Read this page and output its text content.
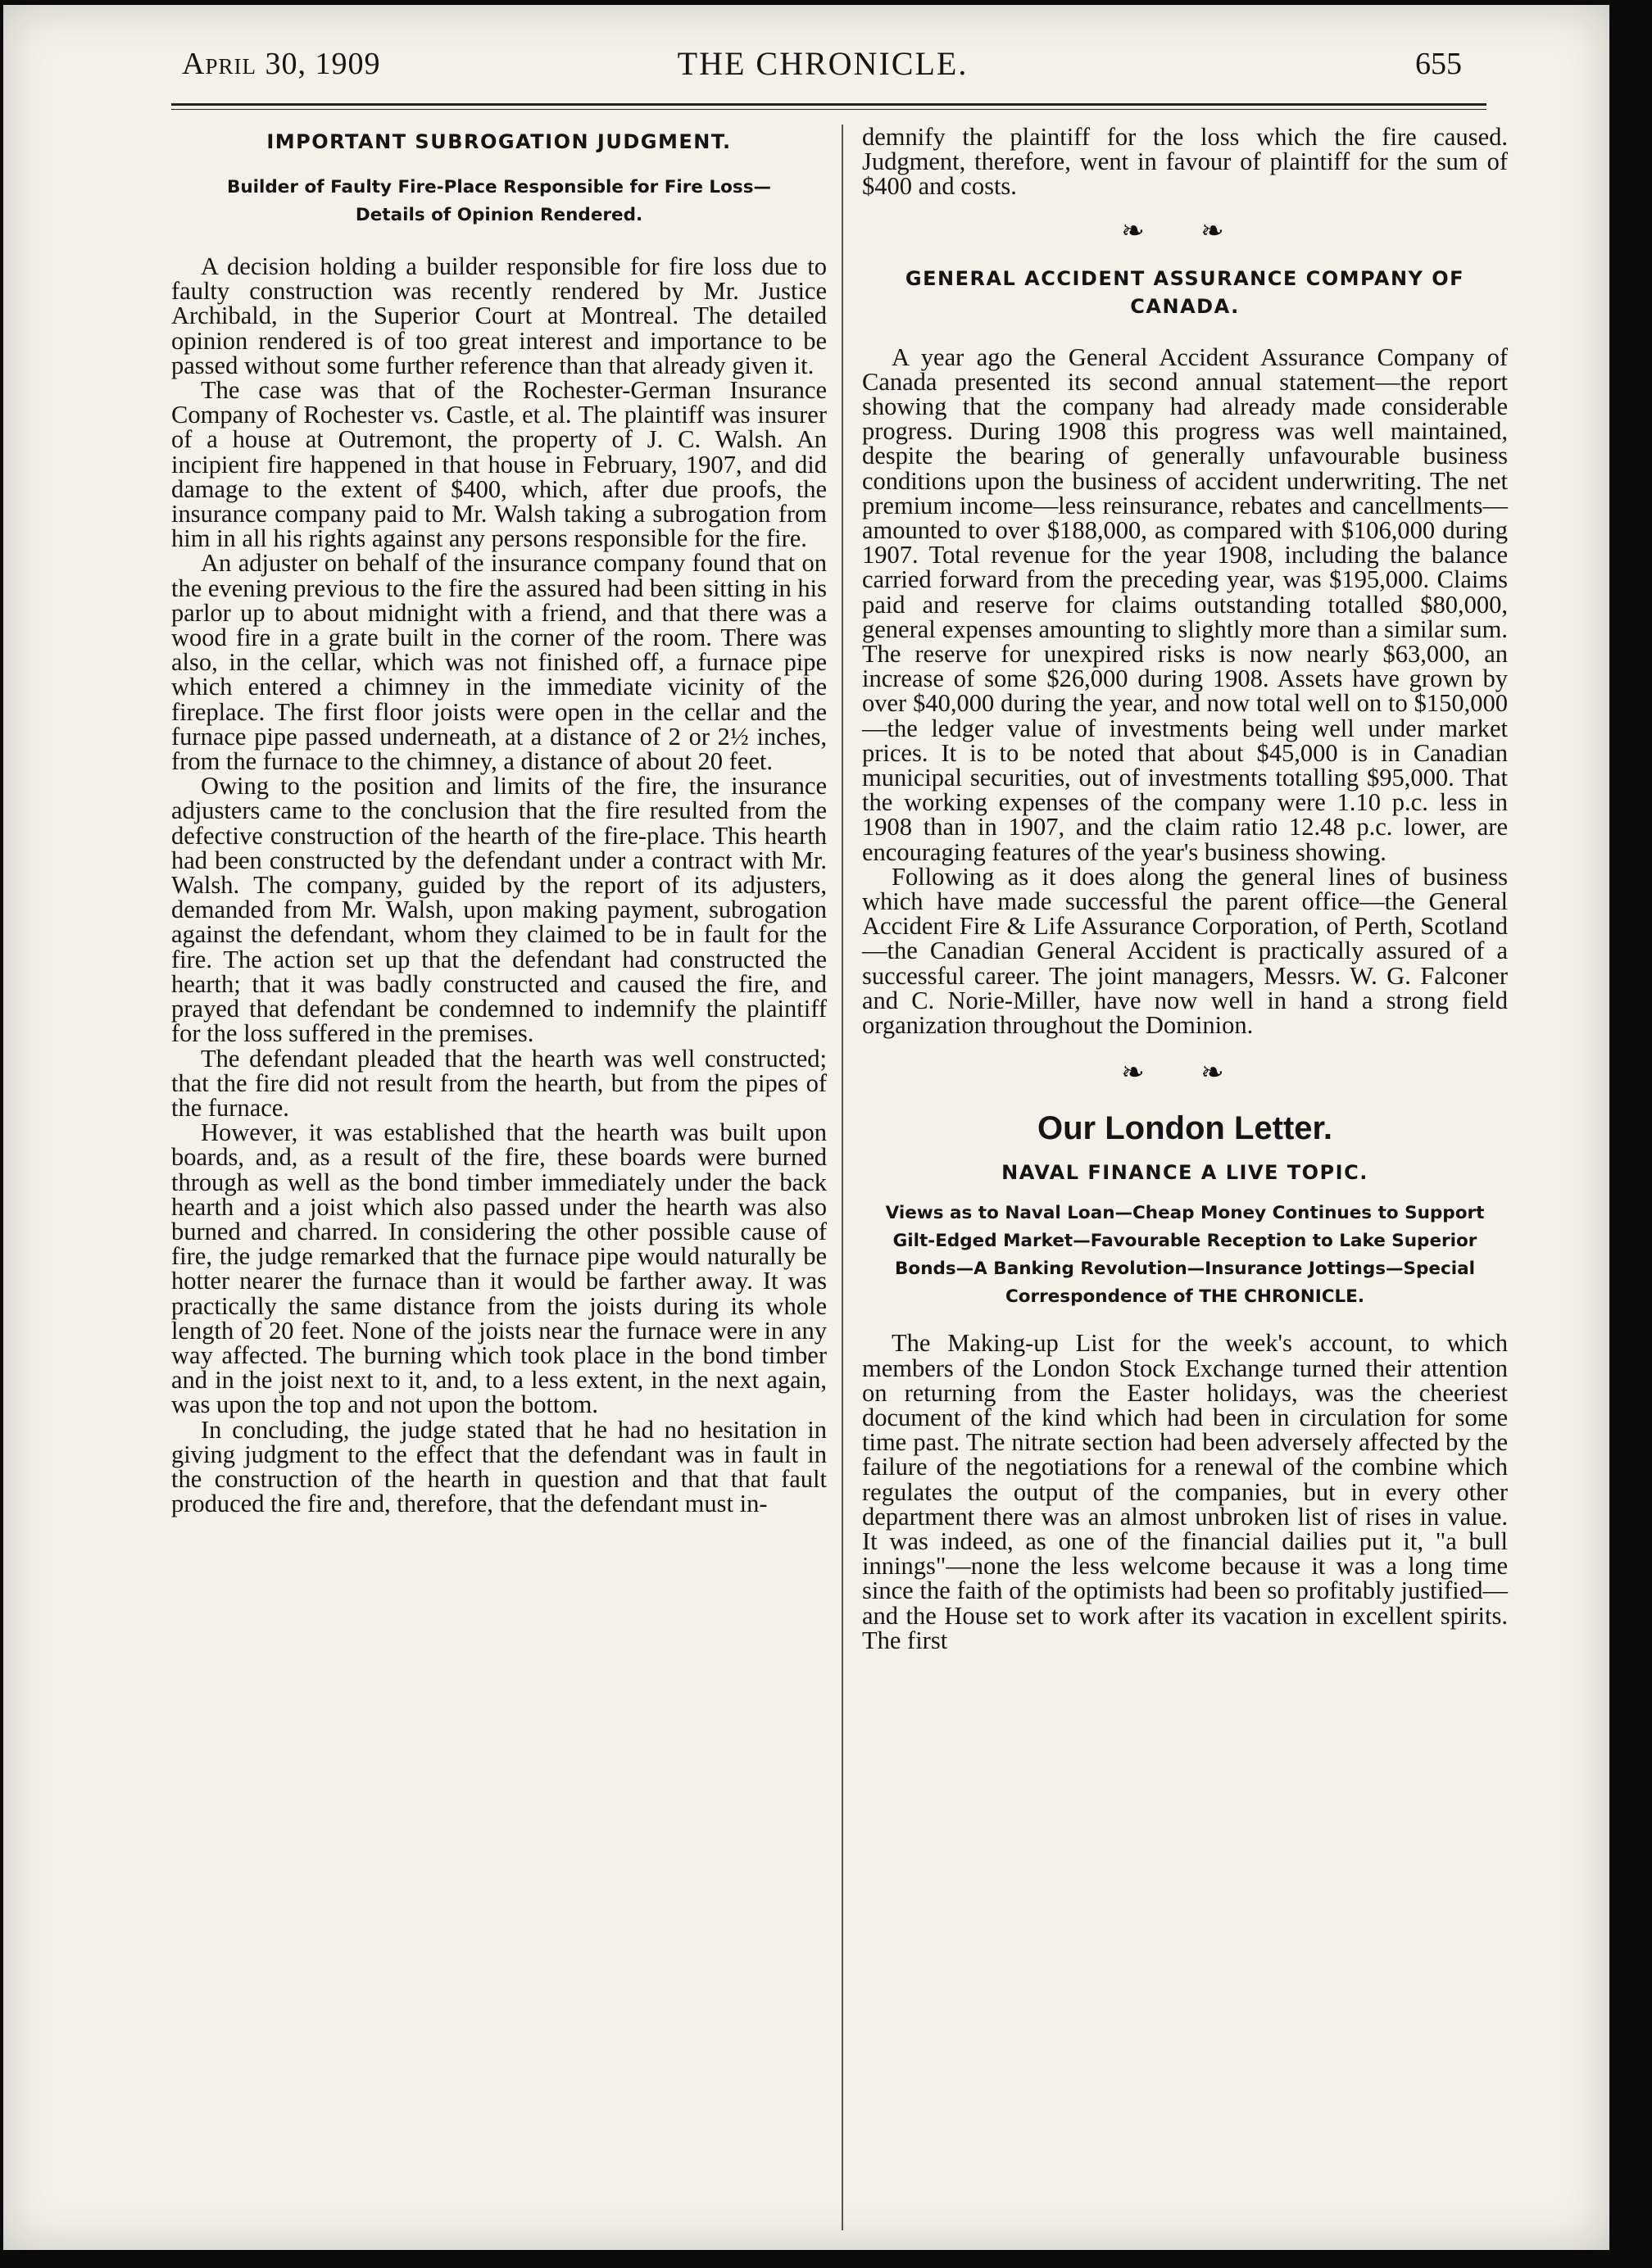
April 30, 1909	THE CHRONICLE.	655
IMPORTANT SUBROGATION JUDGMENT.
Builder of Faulty Fire-Place Responsible for Fire Loss—Details of Opinion Rendered.

A decision holding a builder responsible for fire loss due to faulty construction was recently rendered by Mr. Justice Archibald, in the Superior Court at Montreal. The detailed opinion rendered is of too great interest and importance to be passed without some further reference than that already given it.

The case was that of the Rochester-German Insurance Company of Rochester vs. Castle, et al. The plaintiff was insurer of a house at Outremont, the property of J. C. Walsh. An incipient fire happened in that house in February, 1907, and did damage to the extent of $400, which, after due proofs, the insurance company paid to Mr. Walsh taking a subrogation from him in all his rights against any persons responsible for the fire.

An adjuster on behalf of the insurance company found that on the evening previous to the fire the assured had been sitting in his parlor up to about midnight with a friend, and that there was a wood fire in a grate built in the corner of the room. There was also, in the cellar, which was not finished off, a furnace pipe which entered a chimney in the immediate vicinity of the fireplace. The first floor joists were open in the cellar and the furnace pipe passed underneath, at a distance of 2 or 2½ inches, from the furnace to the chimney, a distance of about 20 feet.

Owing to the position and limits of the fire, the insurance adjusters came to the conclusion that the fire resulted from the defective construction of the hearth of the fire-place. This hearth had been constructed by the defendant under a contract with Mr. Walsh. The company, guided by the report of its adjusters, demanded from Mr. Walsh, upon making payment, subrogation against the defendant, whom they claimed to be in fault for the fire. The action set up that the defendant had constructed the hearth; that it was badly constructed and caused the fire, and prayed that defendant be condemned to indemnify the plaintiff for the loss suffered in the premises.

The defendant pleaded that the hearth was well constructed; that the fire did not result from the hearth, but from the pipes of the furnace.

However, it was established that the hearth was built upon boards, and, as a result of the fire, these boards were burned through as well as the bond timber immediately under the back hearth and a joist which also passed under the hearth was also burned and charred. In considering the other possible cause of fire, the judge remarked that the furnace pipe would naturally be hotter nearer the furnace than it would be farther away. It was practically the same distance from the joists during its whole length of 20 feet. None of the joists near the furnace were in any way affected. The burning which took place in the bond timber and in the joist next to it, and, to a less extent, in the next again, was upon the top and not upon the bottom.

In concluding, the judge stated that he had no hesitation in giving judgment to the effect that the defendant was in fault in the construction of the hearth in question and that that fault produced the fire and, therefore, that the defendant must in-

demnify the plaintiff for the loss which the fire caused. Judgment, therefore, went in favour of plaintiff for the sum of $400 and costs.

❧ ❧
GENERAL ACCIDENT ASSURANCE COMPANY OF CANADA.

A year ago the General Accident Assurance Company of Canada presented its second annual statement—the report showing that the company had already made considerable progress. During 1908 this progress was well maintained, despite the bearing of generally unfavourable business conditions upon the business of accident underwriting. The net premium income—less reinsurance, rebates and cancellments—amounted to over $188,000, as compared with $106,000 during 1907. Total revenue for the year 1908, including the balance carried forward from the preceding year, was $195,000. Claims paid and reserve for claims outstanding totalled $80,000, general expenses amounting to slightly more than a similar sum. The reserve for unexpired risks is now nearly $63,000, an increase of some $26,000 during 1908. Assets have grown by over $40,000 during the year, and now total well on to $150,000—the ledger value of investments being well under market prices. It is to be noted that about $45,000 is in Canadian municipal securities, out of investments totalling $95,000. That the working expenses of the company were 1.10 p.c. less in 1908 than in 1907, and the claim ratio 12.48 p.c. lower, are encouraging features of the year's business showing.

Following as it does along the general lines of business which have made successful the parent office—the General Accident Fire & Life Assurance Corporation, of Perth, Scotland—the Canadian General Accident is practically assured of a successful career. The joint managers, Messrs. W. G. Falconer and C. Norie-Miller, have now well in hand a strong field organization throughout the Dominion.

❧ ❧
Our London Letter.
NAVAL FINANCE A LIVE TOPIC.
Views as to Naval Loan—Cheap Money Continues to Support Gilt-Edged Market—Favourable Reception to Lake Superior Bonds—A Banking Revolution—Insurance Jottings—Special Correspondence of THE CHRONICLE.

The Making-up List for the week's account, to which members of the London Stock Exchange turned their attention on returning from the Easter holidays, was the cheeriest document of the kind which had been in circulation for some time past. The nitrate section had been adversely affected by the failure of the negotiations for a renewal of the combine which regulates the output of the companies, but in every other department there was an almost unbroken list of rises in value. It was indeed, as one of the financial dailies put it, "a bull innings"—none the less welcome because it was a long time since the faith of the optimists had been so profitably justified—and the House set to work after its vacation in excellent spirits. The first
